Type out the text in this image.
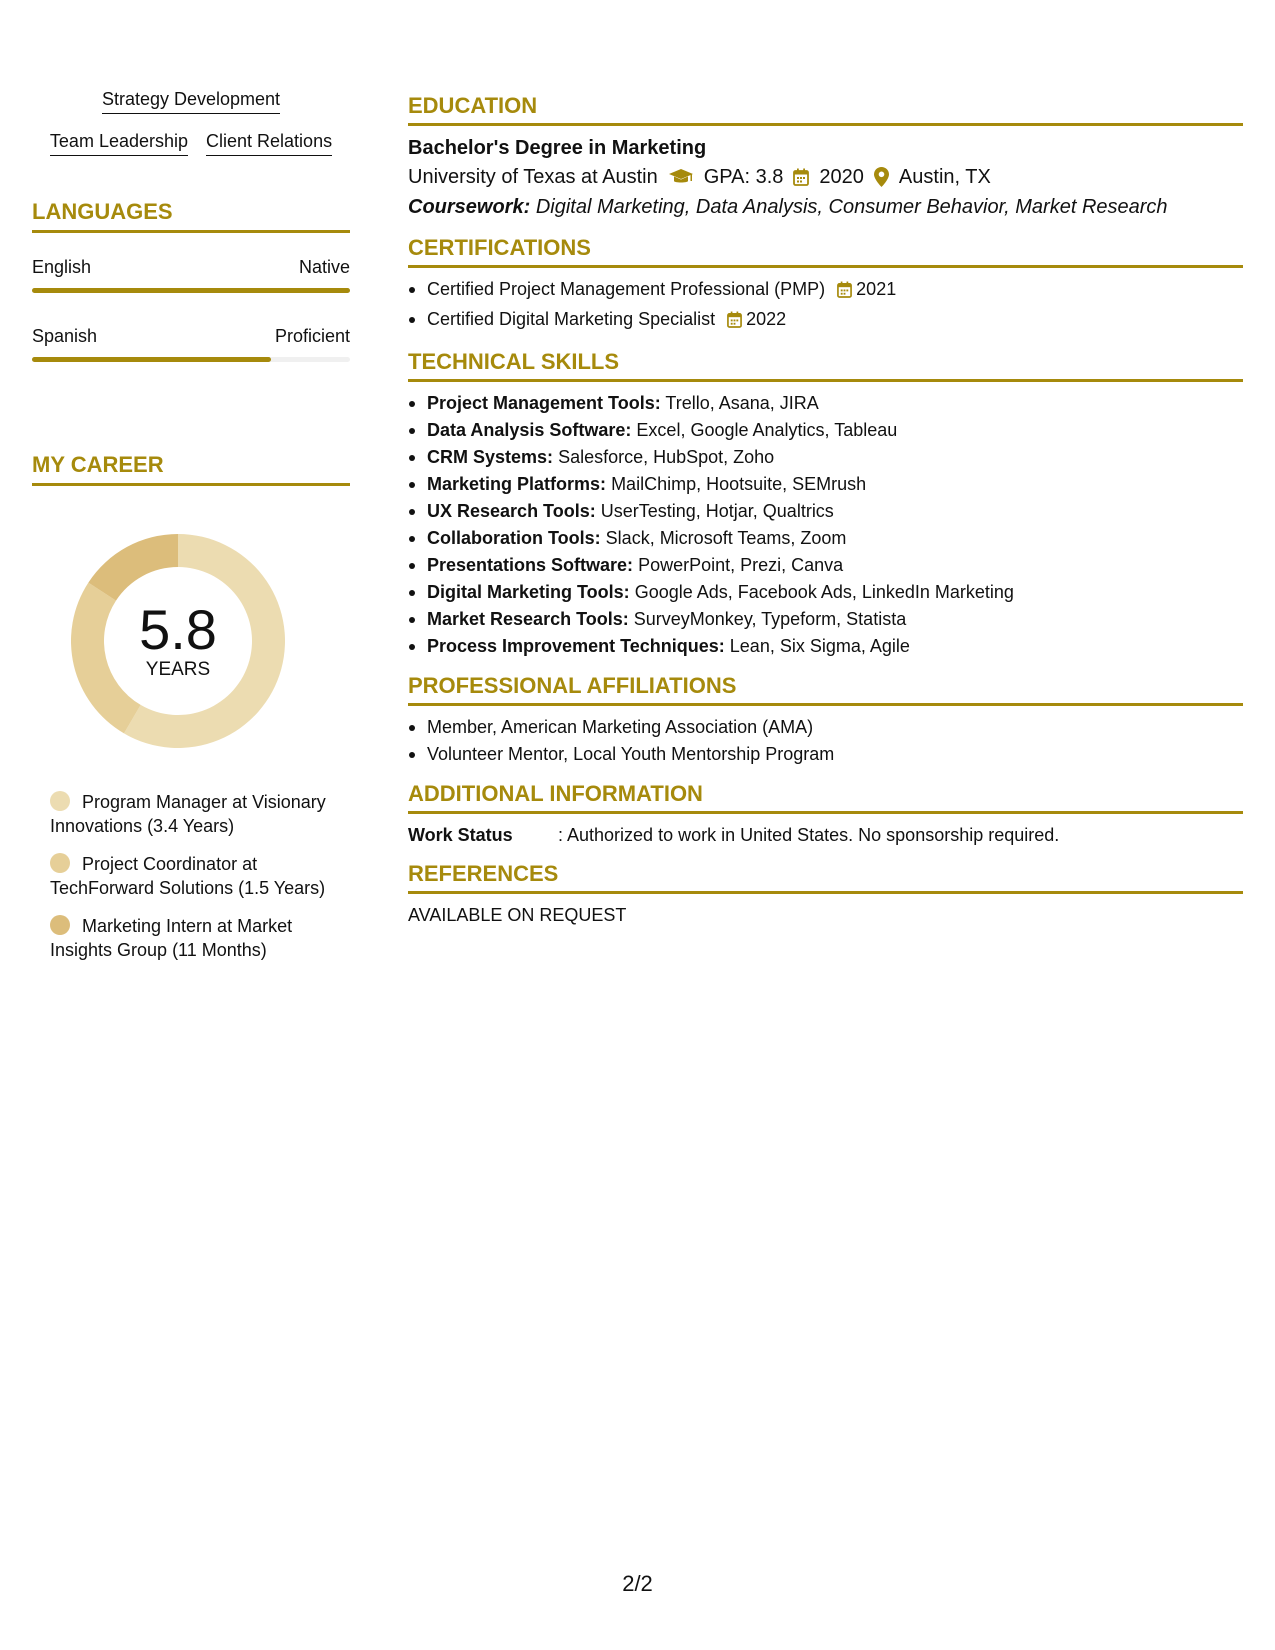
Strategy Development
Team Leadership Client Relations
LANGUAGES
English	Native
Spanish	Proficient
MY CAREER
5.8
YEARS
Program Manager at Visionary Innovations (3.4 Years)
Project Coordinator at TechForward Solutions (1.5 Years)
Marketing Intern at Market Insights Group (11 Months)
EDUCATION
Bachelor's Degree in Marketing
University of Texas at Austin GPA: 3.8 2020 Austin, TX
Coursework: Digital Marketing, Data Analysis, Consumer Behavior, Market Research
CERTIFICATIONS
Certified Project Management Professional (PMP) 2021
Certified Digital Marketing Specialist 2022
TECHNICAL SKILLS
Project Management Tools: Trello, Asana, JIRA
Data Analysis Software: Excel, Google Analytics, Tableau
CRM Systems: Salesforce, HubSpot, Zoho
Marketing Platforms: MailChimp, Hootsuite, SEMrush
UX Research Tools: UserTesting, Hotjar, Qualtrics
Collaboration Tools: Slack, Microsoft Teams, Zoom
Presentations Software: PowerPoint, Prezi, Canva
Digital Marketing Tools: Google Ads, Facebook Ads, LinkedIn Marketing
Market Research Tools: SurveyMonkey, Typeform, Statista
Process Improvement Techniques: Lean, Six Sigma, Agile
PROFESSIONAL AFFILIATIONS
Member, American Marketing Association (AMA)
Volunteer Mentor, Local Youth Mentorship Program
ADDITIONAL INFORMATION
Work Status	: Authorized to work in United States. No sponsorship required.
REFERENCES
AVAILABLE ON REQUEST
2/2
